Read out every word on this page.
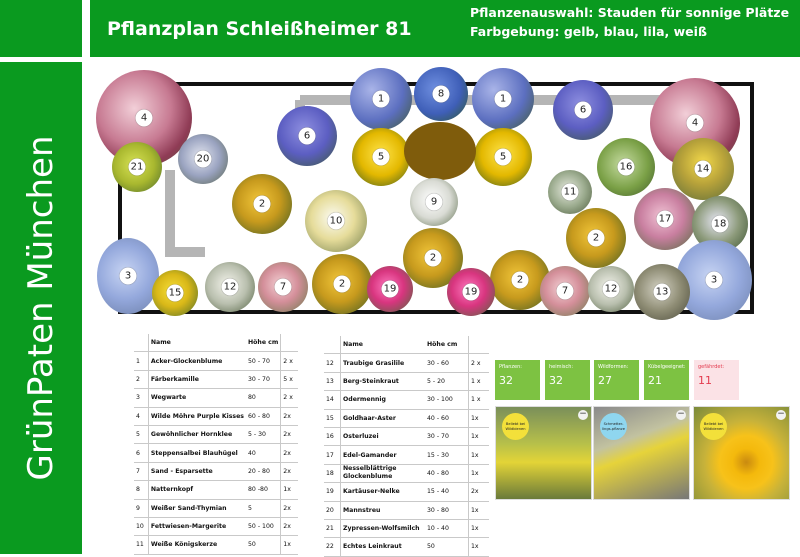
Pflanzplan Schleißheimer 81
Pflanzenauswahl: Stauden für sonnige Plätze
Farbgebung: gelb, blau, lila, weiß
GrünPaten München
1	8	1
4	4
6
6
5	5
21
20
16	14
11
2	9
10	17	18
2
2
2	2
3	3
15
12	7	19	19	7	12	13
	Name	Höhe cm	
1	Acker-Glockenblume	50 - 70	2 x
2	Färberkamille	30 - 70	5 x
3	Wegwarte	80	2 x
4	Wilde Möhre Purple Kisses	60 - 80	2x
5	Gewöhnlicher Hornklee	5 - 30	2x
6	Steppensalbei Blauhügel	40	2x
7	Sand - Esparsette	20 - 80	2x
8	Natternkopf	80 -80	1x
9	Weißer Sand-Thymian	5	2x
10	Fettwiesen-Margerite	50 - 100	2x
11	Weiße Königskerze	50	1x
	Name	Höhe cm	
12	Traubige Grasilile	30 - 60	2 x
13	Berg-Steinkraut	5 - 20	1 x
14	Odermennig	30 - 100	1 x
15	Goldhaar-Aster	40 - 60	1x
16	Osterluzei	30 - 70	1x
17	Edel-Gamander	15 - 30	1x
18	Nesselblättrige Glockenblume	40 - 80	1x
19	Kartäuser-Nelke	15 - 40	2x
20	Mannstreu	30 - 80	1x
21	Zypressen-Wolfsmilch	10 - 40	1x
22	Echtes Leinkraut	50	1x
Pflanzen:
32
heimisch:
32
Wildformen:
27
Kübelgeeignet:
21
gefährdet:
11
Beliebt bei Wildbienen
−
Schmetter-lings-pflanze
−
Beliebt bei Wildbienen
−
